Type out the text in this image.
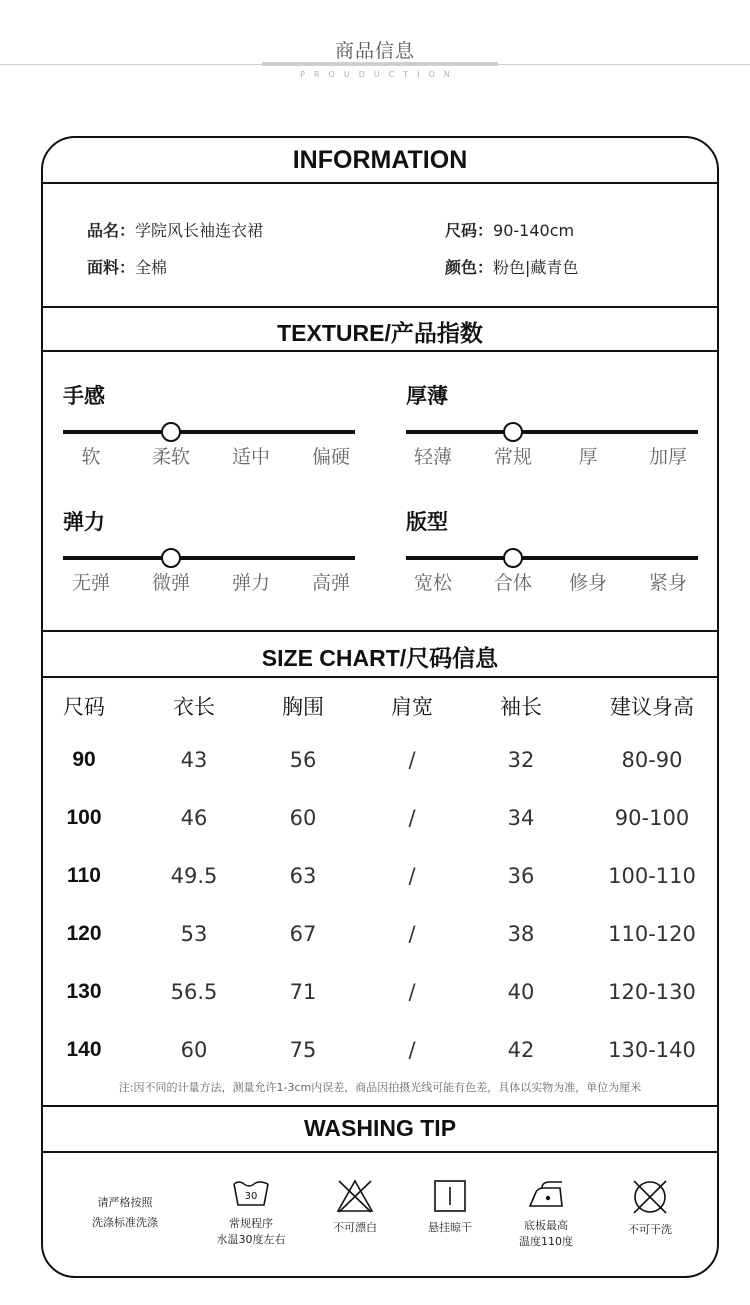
商品信息
PROUDUCTION
INFORMATION
品名：学院风长袖连衣裙	尺码：90-140cm
面料：全棉	颜色：粉色|藏青色
TEXTURE/产品指数
手感
软	柔软	适中	偏硬
厚薄
轻薄	常规	厚	加厚
弹力
无弹	微弹	弹力	高弹
版型
宽松	合体	修身	紧身
SIZE CHART/尺码信息
尺码	衣长	胸围	肩宽	袖长	建议身高
90	43	56	/	32	80-90
100	46	60	/	34	90-100
110	49.5	63	/	36	100-110
120	53	67	/	38	110-120
130	56.5	71	/	40	120-130
140	60	75	/	42	130-140
注:因不同的计量方法，测量允许1-3cm内误差，商品因拍摄光线可能有色差，具体以实物为准，单位为厘米
WASHING TIP
请严格按照
洗涤标准洗涤
30
常规程序
水温30度左右
不可漂白	悬挂晾干	底板最高
温度110度
不可干洗
